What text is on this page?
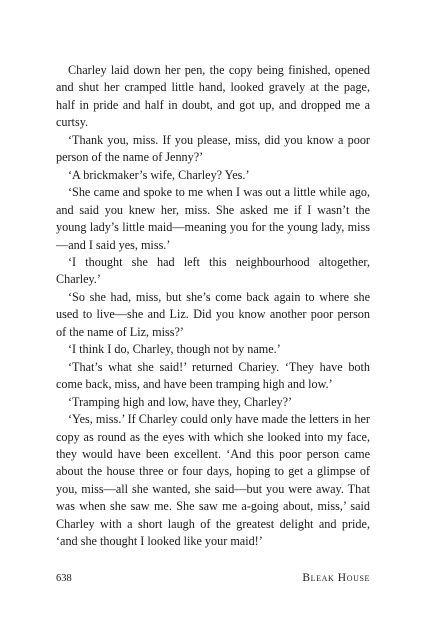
Charley laid down her pen, the copy being finished, opened and shut her cramped little hand, looked gravely at the page, half in pride and half in doubt, and got up, and dropped me a curtsy.

‘Thank you, miss. If you please, miss, did you know a poor person of the name of Jenny?’

‘A brickmaker’s wife, Charley? Yes.’

‘She came and spoke to me when I was out a little while ago, and said you knew her, miss. She asked me if I wasn’t the young lady’s little maid—meaning you for the young lady, miss—and I said yes, miss.’

‘I thought she had left this neighbourhood altogether, Charley.’

‘So she had, miss, but she’s come back again to where she used to live—she and Liz. Did you know another poor person of the name of Liz, miss?’

‘I think I do, Charley, though not by name.’

‘That’s what she said!’ returned Chariey. ‘They have both come back, miss, and have been tramping high and low.’

‘Tramping high and low, have they, Charley?’

‘Yes, miss.’ If Charley could only have made the letters in her copy as round as the eyes with which she looked into my face, they would have been excellent. ‘And this poor person came about the house three or four days, hoping to get a glimpse of you, miss—all she wanted, she said—but you were away. That was when she saw me. She saw me a-going about, miss,’ said Charley with a short laugh of the greatest delight and pride, ‘and she thought I looked like your maid!’

638	Bleak House
